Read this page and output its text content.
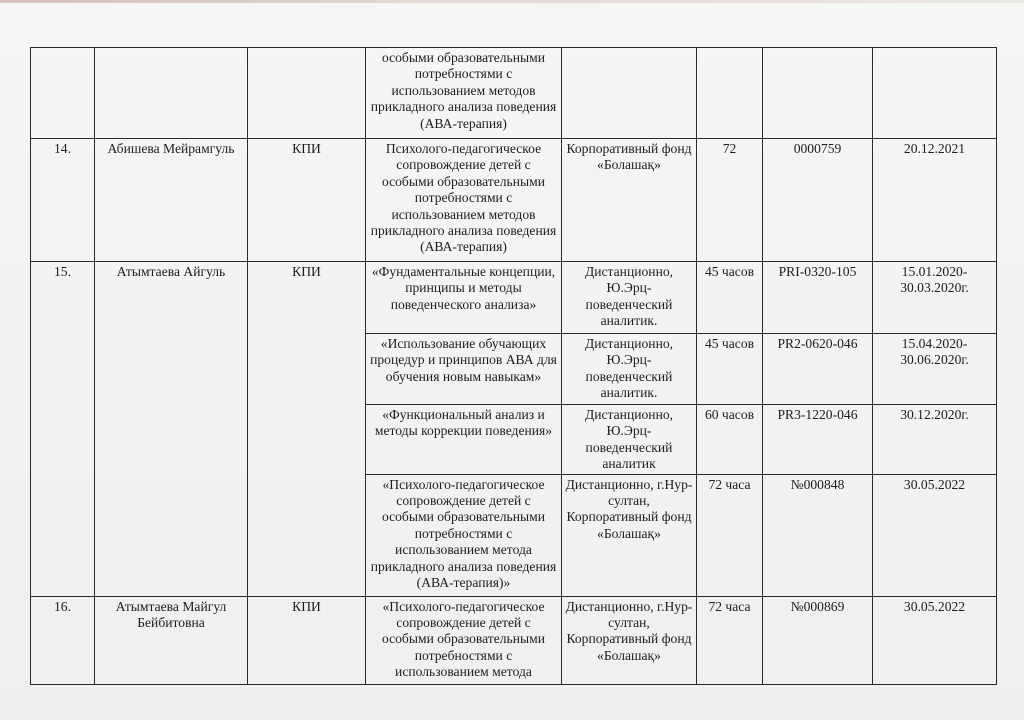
			особыми образовательными потребностями с использованием методов прикладного анализа поведения (АВА-терапия)				
14.	Абишева Мейрамгуль	КПИ	Психолого-педагогическое сопровождение детей с особыми образовательными потребностями с использованием методов прикладного анализа поведения (АВА-терапия)	Корпоративный фонд «Болашақ»	72	0000759	20.12.2021
15.	Атымтаева Айгуль	КПИ	«Фундаментальные концепции, принципы и методы поведенческого анализа»	Дистанционно, Ю.Эрц-поведенческий аналитик.	45 часов	PRI-0320-105	15.01.2020-30.03.2020г.
			«Использование обучающих процедур и принципов АВА для обучения новым навыкам»	Дистанционно, Ю.Эрц-поведенческий аналитик.	45 часов	PR2-0620-046	15.04.2020-30.06.2020г.
			«Функциональный анализ и методы коррекции поведения»	Дистанционно, Ю.Эрц-поведенческий аналитик	60 часов	PR3-1220-046	30.12.2020г.
			«Психолого-педагогическое сопровождение детей с особыми образовательными потребностями с использованием метода прикладного анализа поведения (АВА-терапия)»	Дистанционно, г.Нур-султан, Корпоративный фонд «Болашақ»	72 часа	№000848	30.05.2022
16.	Атымтаева Майгул Бейбитовна	КПИ	«Психолого-педагогическое сопровождение детей с особыми образовательными потребностями с использованием метода	Дистанционно, г.Нур-султан, Корпоративный фонд «Болашақ»	72 часа	№000869	30.05.2022
